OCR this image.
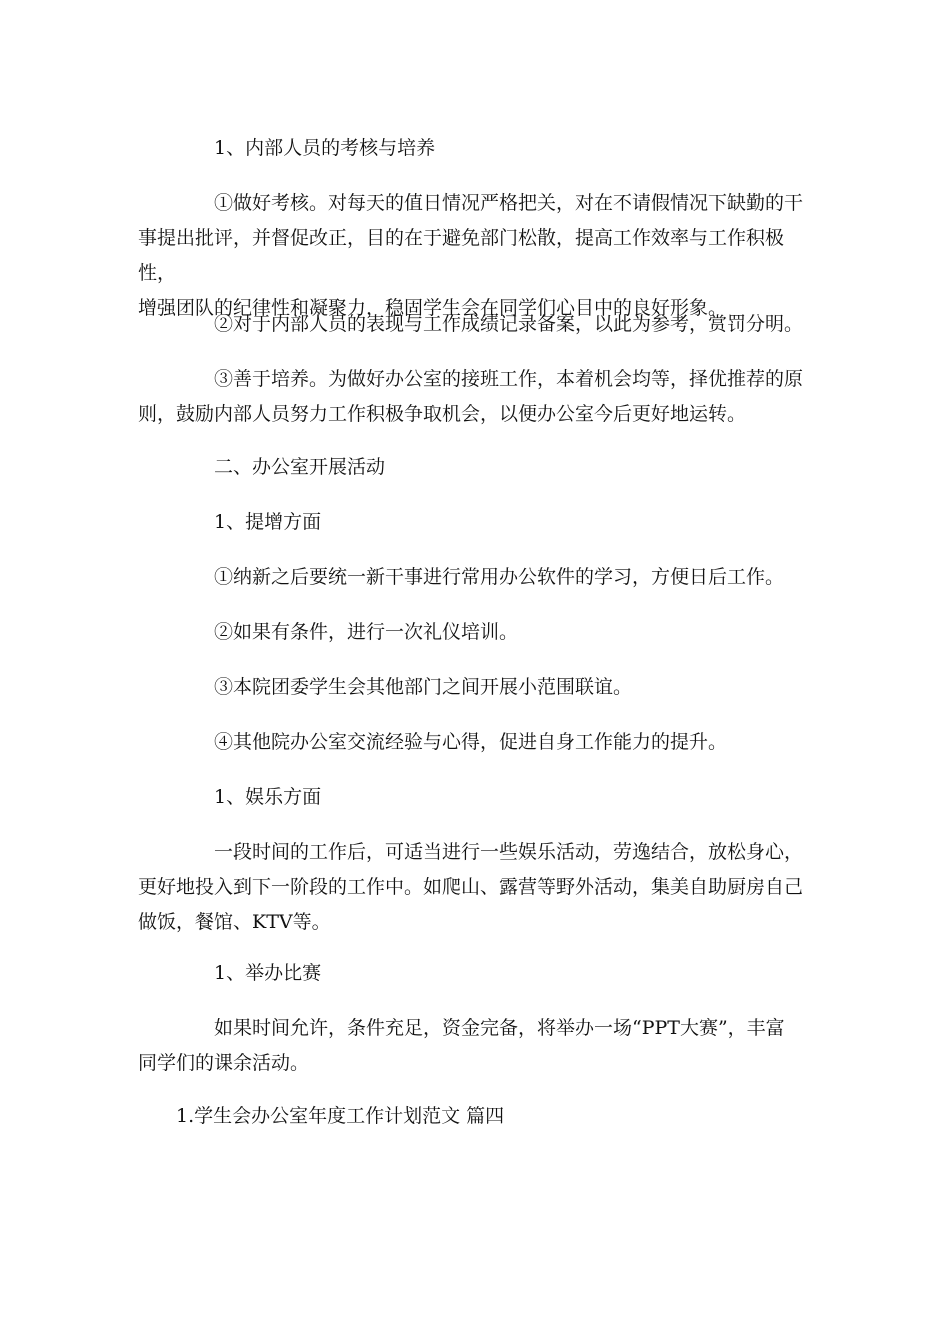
1、内部人员的考核与培养

①做好考核。对每天的值日情况严格把关，对在不请假情况下缺勤的干
事提出批评，并督促改正，目的在于避免部门松散，提高工作效率与工作积极性，
增强团队的纪律性和凝聚力，稳固学生会在同学们心目中的良好形象。

②对于内部人员的表现与工作成绩记录备案，以此为参考，赏罚分明。

③善于培养。为做好办公室的接班工作，本着机会均等，择优推荐的原
则，鼓励内部人员努力工作积极争取机会，以便办公室今后更好地运转。

二、办公室开展活动

1、提增方面

①纳新之后要统一新干事进行常用办公软件的学习，方便日后工作。

②如果有条件，进行一次礼仪培训。

③本院团委学生会其他部门之间开展小范围联谊。

④其他院办公室交流经验与心得，促进自身工作能力的提升。

1、娱乐方面

一段时间的工作后，可适当进行一些娱乐活动，劳逸结合，放松身心，
更好地投入到下一阶段的工作中。如爬山、露营等野外活动，集美自助厨房自己
做饭，餐馆、KTV等。

1、举办比赛

如果时间允许，条件充足，资金完备，将举办一场“PPT大赛”，丰富
同学们的课余活动。

1.学生会办公室年度工作计划范文 篇四
